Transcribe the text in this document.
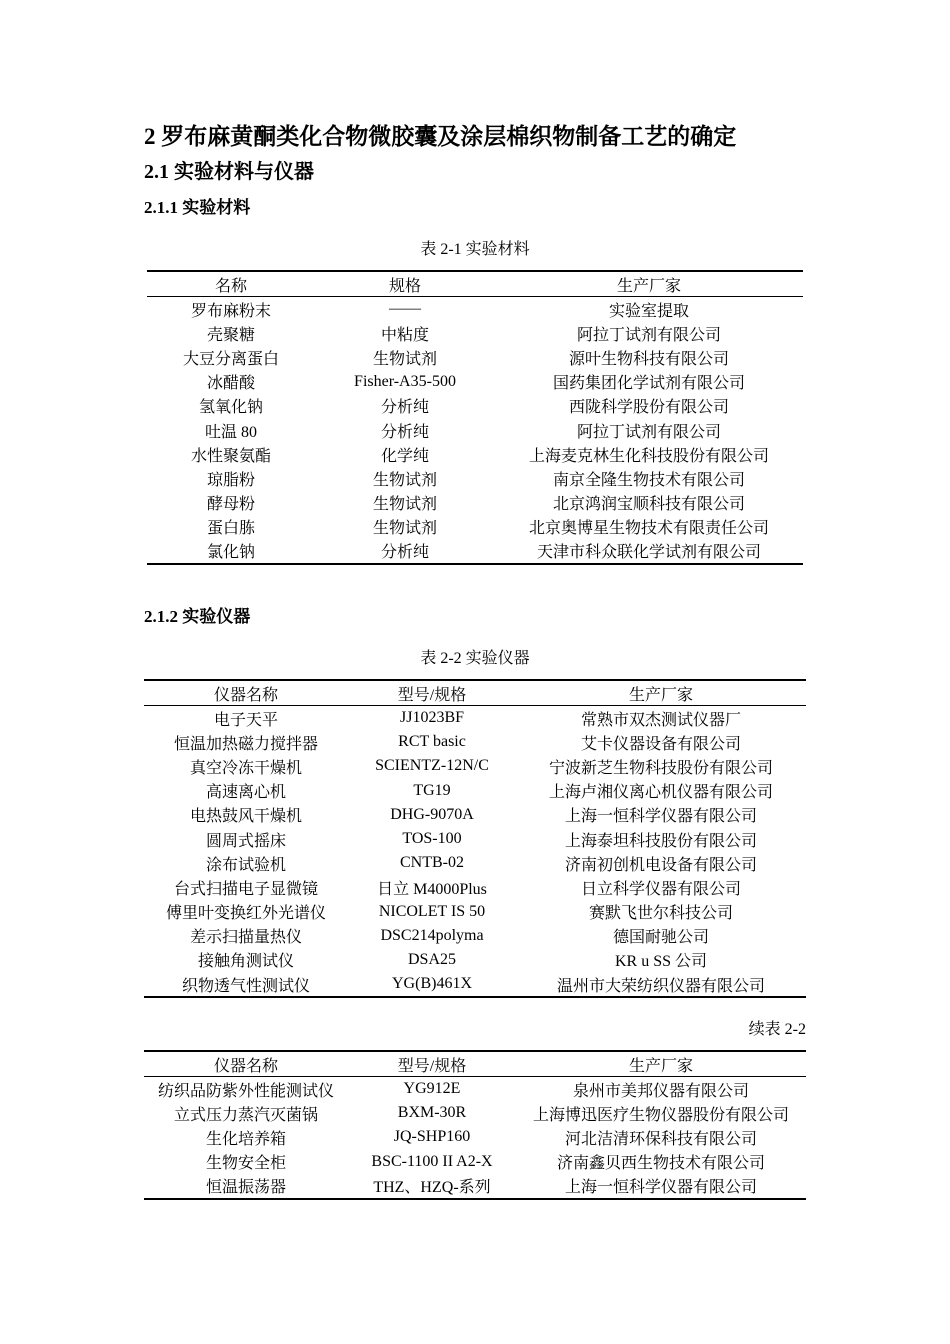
2 罗布麻黄酮类化合物微胶囊及涂层棉织物制备工艺的确定
2.1 实验材料与仪器
2.1.1 实验材料
表 2-1 实验材料
名称	规格	生产厂家
罗布麻粉末	——	实验室提取
壳聚糖	中粘度	阿拉丁试剂有限公司
大豆分离蛋白	生物试剂	源叶生物科技有限公司
冰醋酸	Fisher-A35-500	国药集团化学试剂有限公司
氢氧化钠	分析纯	西陇科学股份有限公司
吐温 80	分析纯	阿拉丁试剂有限公司
水性聚氨酯	化学纯	上海麦克林生化科技股份有限公司
琼脂粉	生物试剂	南京全隆生物技术有限公司
酵母粉	生物试剂	北京鸿润宝顺科技有限公司
蛋白胨	生物试剂	北京奥博星生物技术有限责任公司
氯化钠	分析纯	天津市科众联化学试剂有限公司
2.1.2 实验仪器
表 2-2 实验仪器
仪器名称	型号/规格	生产厂家
电子天平	JJ1023BF	常熟市双杰测试仪器厂
恒温加热磁力搅拌器	RCT basic	艾卡仪器设备有限公司
真空冷冻干燥机	SCIENTZ-12N/C	宁波新芝生物科技股份有限公司
高速离心机	TG19	上海卢湘仪离心机仪器有限公司
电热鼓风干燥机	DHG-9070A	上海一恒科学仪器有限公司
圆周式摇床	TOS-100	上海泰坦科技股份有限公司
涂布试验机	CNTB-02	济南初创机电设备有限公司
台式扫描电子显微镜	日立 M4000Plus	日立科学仪器有限公司
傅里叶变换红外光谱仪	NICOLET IS 50	赛默飞世尔科技公司
差示扫描量热仪	DSC214polyma	德国耐驰公司
接触角测试仪	DSA25	KR u SS 公司
织物透气性测试仪	YG(B)461X	温州市大荣纺织仪器有限公司
续表 2-2
仪器名称	型号/规格	生产厂家
纺织品防紫外性能测试仪	YG912E	泉州市美邦仪器有限公司
立式压力蒸汽灭菌锅	BXM-30R	上海博迅医疗生物仪器股份有限公司
生化培养箱	JQ-SHP160	河北洁清环保科技有限公司
生物安全柜	BSC-1100 II A2-X	济南鑫贝西生物技术有限公司
恒温振荡器	THZ、HZQ-系列	上海一恒科学仪器有限公司
